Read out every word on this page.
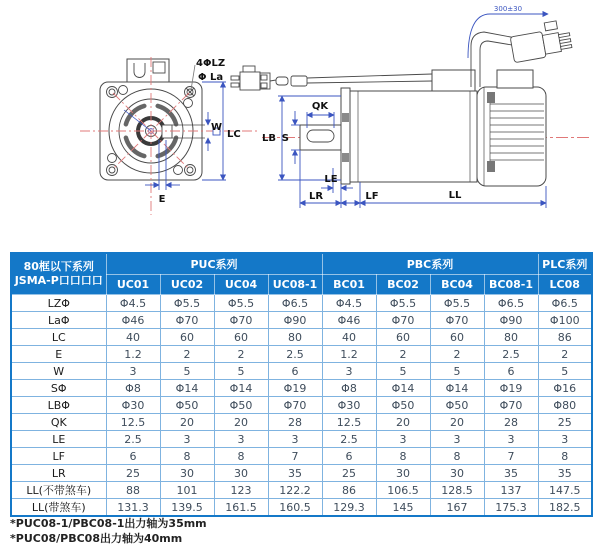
4ΦLZ
Φ La
W
LC
E
300±30
LB S
QK
LE
LR	LF	LL
80框以下系列
JSMA-P口口口口	PUC系列				PBC系列				PLC系列
	UC01	UC02	UC04	UC08-1	BC01	BC02	BC04	BC08-1	LC08
LZΦ	Φ4.5	Φ5.5	Φ5.5	Φ6.5	Φ4.5	Φ5.5	Φ5.5	Φ6.5	Φ6.5
LaΦ	Φ46	Φ70	Φ70	Φ90	Φ46	Φ70	Φ70	Φ90	Φ100
LC	40	60	60	80	40	60	60	80	86
E	1.2	2	2	2.5	1.2	2	2	2.5	2
W	3	5	5	6	3	5	5	6	5
SΦ	Φ8	Φ14	Φ14	Φ19	Φ8	Φ14	Φ14	Φ19	Φ16
LBΦ	Φ30	Φ50	Φ50	Φ70	Φ30	Φ50	Φ50	Φ70	Φ80
QK	12.5	20	20	28	12.5	20	20	28	25
LE	2.5	3	3	3	2.5	3	3	3	3
LF	6	8	8	7	6	8	8	7	8
LR	25	30	30	35	25	30	30	35	35
LL(不带煞车)	88	101	123	122.2	86	106.5	128.5	137	147.5
LL(带煞车)	131.3	139.5	161.5	160.5	129.3	145	167	175.3	182.5
*PUC08-1/PBC08-1出力轴为35mm
*PUC08/PBC08出力轴为40mm
